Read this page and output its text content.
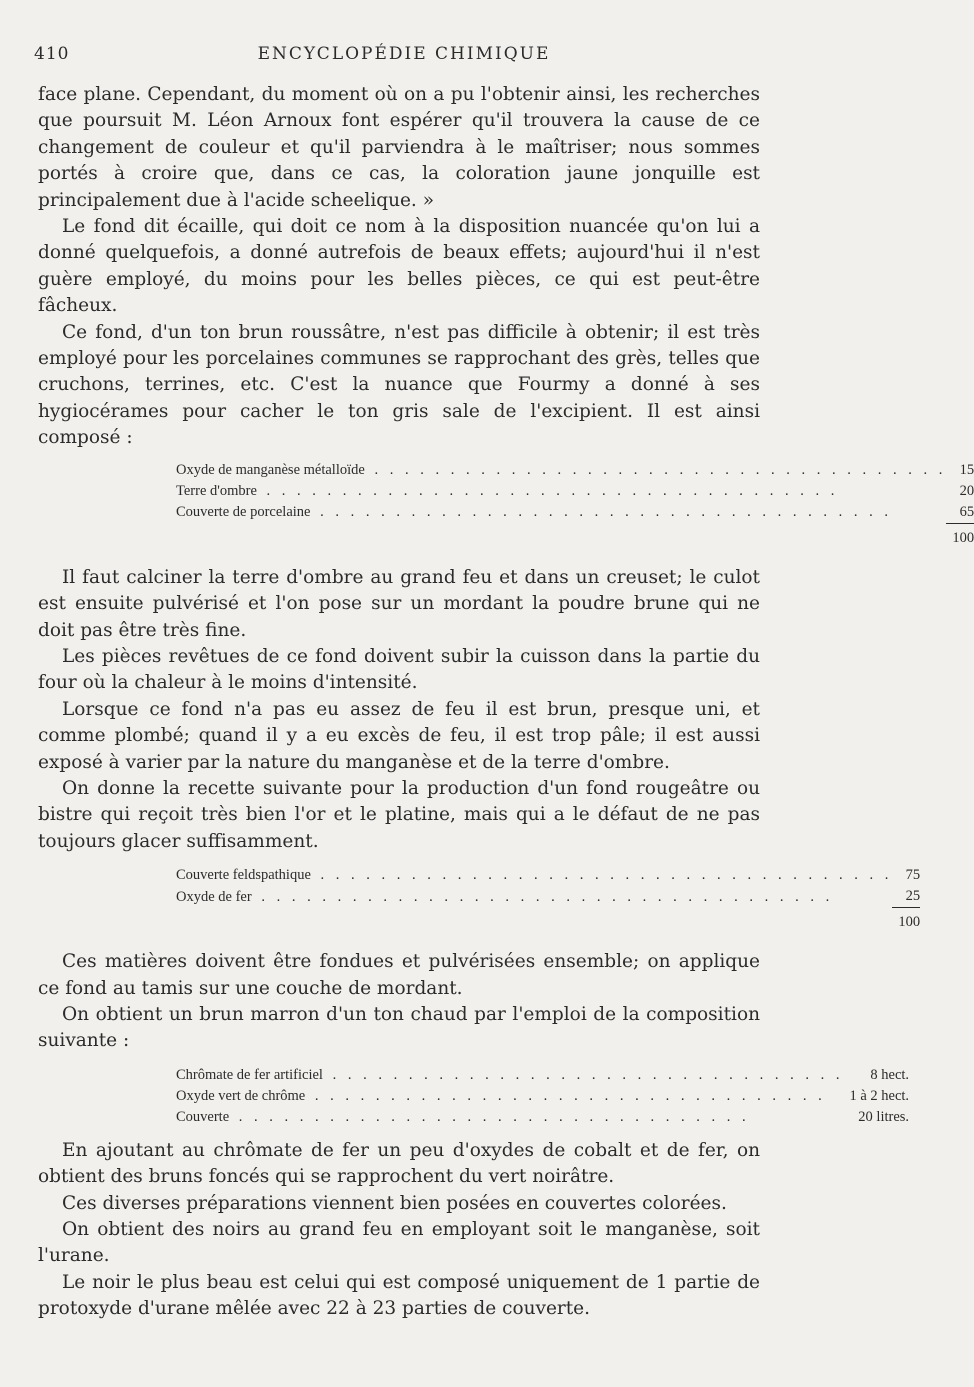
410	ENCYCLOPÉDIE CHIMIQUE

face plane. Cependant, du moment où on a pu l'obtenir ainsi, les recherches que poursuit M. Léon Arnoux font espérer qu'il trouvera la cause de ce changement de couleur et qu'il parviendra à le maîtriser; nous sommes portés à croire que, dans ce cas, la coloration jaune jonquille est principalement due à l'acide scheelique. »

Le fond dit écaille, qui doit ce nom à la disposition nuancée qu'on lui a donné quelquefois, a donné autrefois de beaux effets; aujourd'hui il n'est guère employé, du moins pour les belles pièces, ce qui est peut-être fâcheux.

Ce fond, d'un ton brun roussâtre, n'est pas difficile à obtenir; il est très employé pour les porcelaines communes se rapprochant des grès, telles que cruchons, terrines, etc. C'est la nuance que Fourmy a donné à ses hygiocérames pour cacher le ton gris sale de l'excipient. Il est ainsi composé :

Oxyde de manganèse métalloïde . . . . . . . . . . . . . . . . . . . . . . . . . . . . . . . . . . . . . .	15
Terre d'ombre . . . . . . . . . . . . . . . . . . . . . . . . . . . . . . . . . . . . . .	20
Couverte de porcelaine . . . . . . . . . . . . . . . . . . . . . . . . . . . . . . . . . . . . . .	65
	100

Il faut calciner la terre d'ombre au grand feu et dans un creuset; le culot est ensuite pulvérisé et l'on pose sur un mordant la poudre brune qui ne doit pas être très fine.

Les pièces revêtues de ce fond doivent subir la cuisson dans la partie du four où la chaleur à le moins d'intensité.

Lorsque ce fond n'a pas eu assez de feu il est brun, presque uni, et comme plombé; quand il y a eu excès de feu, il est trop pâle; il est aussi exposé à varier par la nature du manganèse et de la terre d'ombre.

On donne la recette suivante pour la production d'un fond rougeâtre ou bistre qui reçoit très bien l'or et le platine, mais qui a le défaut de ne pas toujours glacer suffisamment.

Couverte feldspathique . . . . . . . . . . . . . . . . . . . . . . . . . . . . . . . . . . . . . .	75
Oxyde de fer . . . . . . . . . . . . . . . . . . . . . . . . . . . . . . . . . . . . . .	25
	100

Ces matières doivent être fondues et pulvérisées ensemble; on applique ce fond au tamis sur une couche de mordant.

On obtient un brun marron d'un ton chaud par l'emploi de la composition suivante :

Chrômate de fer artificiel . . . . . . . . . . . . . . . . . . . . . . . . . . . . . . . . . .	8 hect.
Oxyde vert de chrôme . . . . . . . . . . . . . . . . . . . . . . . . . . . . . . . . . .	1 à 2 hect.
Couverte . . . . . . . . . . . . . . . . . . . . . . . . . . . . . . . . . .	20 litres.

En ajoutant au chrômate de fer un peu d'oxydes de cobalt et de fer, on obtient des bruns foncés qui se rapprochent du vert noirâtre.

Ces diverses préparations viennent bien posées en couvertes colorées.

On obtient des noirs au grand feu en employant soit le manganèse, soit l'urane.

Le noir le plus beau est celui qui est composé uniquement de 1 partie de protoxyde d'urane mêlée avec 22 à 23 parties de couverte.
